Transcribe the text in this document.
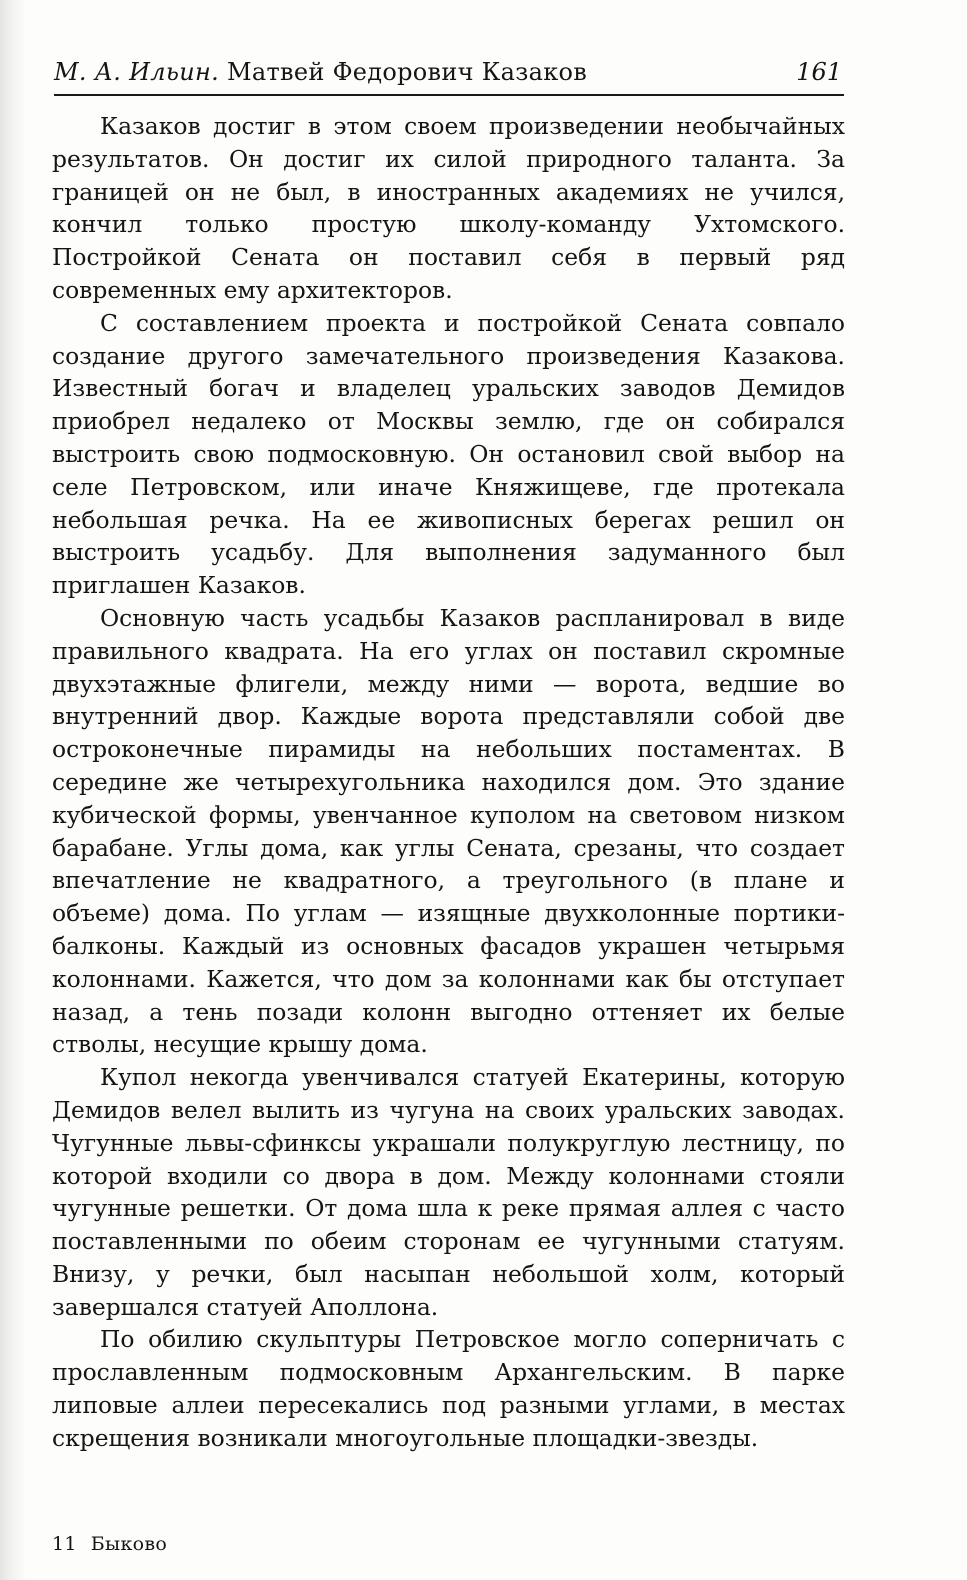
М. А. Ильин. Матвей Федорович Казаков	161

Казаков достиг в этом своем произведении необычайных результатов. Он достиг их силой природного таланта. За границей он не был, в иностранных академиях не учился, кончил только простую школу-команду Ухтомского. Постройкой Сената он поставил себя в первый ряд современных ему архитекторов.

С составлением проекта и постройкой Сената совпало создание другого замечательного произведения Казакова. Известный богач и владелец уральских заводов Демидов приобрел недалеко от Москвы землю, где он собирался выстроить свою подмосковную. Он остановил свой выбор на селе Петровском, или иначе Княжищеве, где протекала небольшая речка. На ее живописных берегах решил он выстроить усадьбу. Для выполнения задуманного был приглашен Казаков.

Основную часть усадьбы Казаков распланировал в виде правильного квадрата. На его углах он поставил скромные двухэтажные флигели, между ними — ворота, ведшие во внутренний двор. Каждые ворота представляли собой две остроконечные пирамиды на небольших постаментах. В середине же четырехугольника находился дом. Это здание кубической формы, увенчанное куполом на световом низком барабане. Углы дома, как углы Сената, срезаны, что создает впечатление не квадратного, а треугольного (в плане и объеме) дома. По углам — изящные двухколонные портики-балконы. Каждый из основных фасадов украшен четырьмя колоннами. Кажется, что дом за колоннами как бы отступает назад, а тень позади колонн выгодно оттеняет их белые стволы, несущие крышу дома.

Купол некогда увенчивался статуей Екатерины, которую Демидов велел вылить из чугуна на своих уральских заводах. Чугунные львы-сфинксы украшали полукруглую лестницу, по которой входили со двора в дом. Между колоннами стояли чугунные решетки. От дома шла к реке прямая аллея с часто поставленными по обеим сторонам ее чугунными статуям. Внизу, у речки, был насыпан небольшой холм, который завершался статуей Аполлона.

По обилию скульптуры Петровское могло соперничать с прославленным подмосковным Архангельским. В парке липовые аллеи пересекались под разными углами, в местах скрещения возникали многоугольные площадки-звезды.

11 Быково
